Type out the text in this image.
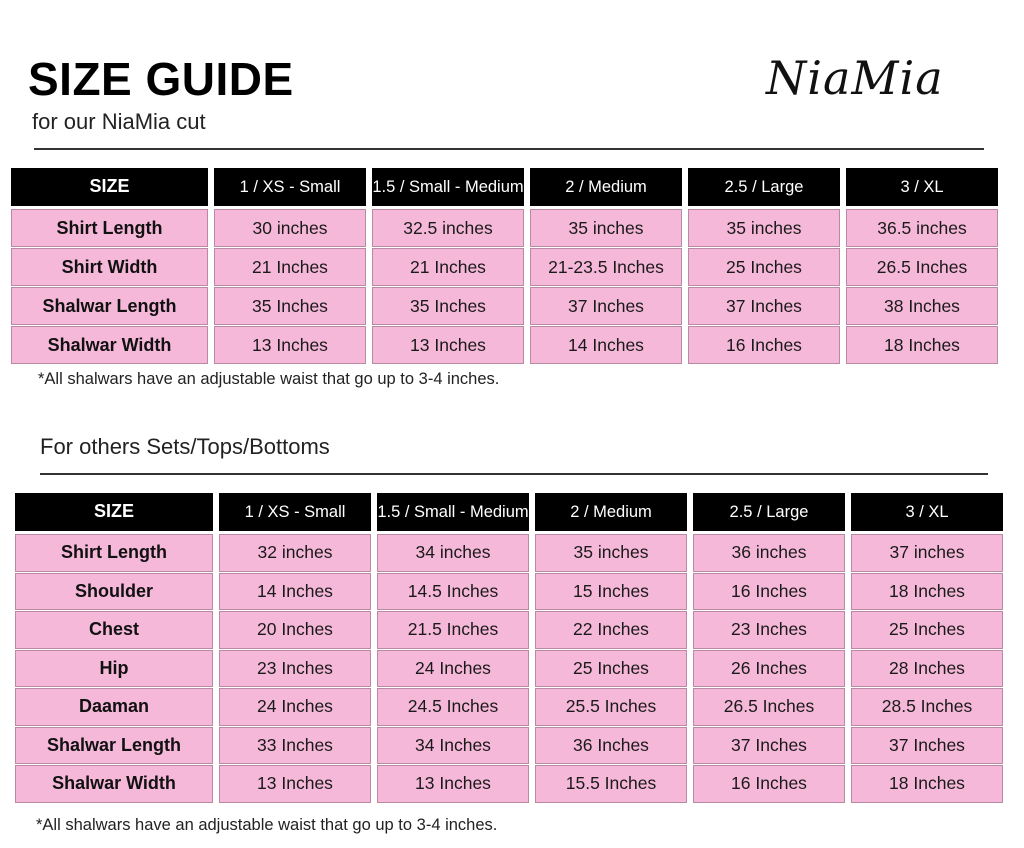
SIZE GUIDE
for our NiaMia cut
NiaMia
SIZE	1 / XS - Small	1.5 / Small - Medium	2 / Medium	2.5 / Large	3 / XL
Shirt Length	30 inches	32.5 inches	35 inches	35 inches	36.5 inches
Shirt Width	21 Inches	21 Inches	21-23.5 Inches	25 Inches	26.5 Inches
Shalwar Length	35 Inches	35 Inches	37 Inches	37 Inches	38 Inches
Shalwar Width	13 Inches	13 Inches	14 Inches	16 Inches	18 Inches
*All shalwars have an adjustable waist that go up to 3-4 inches.
For others Sets/Tops/Bottoms
SIZE	1 / XS - Small	1.5 / Small - Medium	2 / Medium	2.5 / Large	3 / XL
Shirt Length	32 inches	34 inches	35 inches	36 inches	37 inches
Shoulder	14 Inches	14.5 Inches	15 Inches	16 Inches	18 Inches
Chest	20 Inches	21.5 Inches	22 Inches	23 Inches	25 Inches
Hip	23 Inches	24 Inches	25 Inches	26 Inches	28 Inches
Daaman	24 Inches	24.5 Inches	25.5 Inches	26.5 Inches	28.5 Inches
Shalwar Length	33 Inches	34 Inches	36 Inches	37 Inches	37 Inches
Shalwar Width	13 Inches	13 Inches	15.5 Inches	16 Inches	18 Inches
*All shalwars have an adjustable waist that go up to 3-4 inches.
